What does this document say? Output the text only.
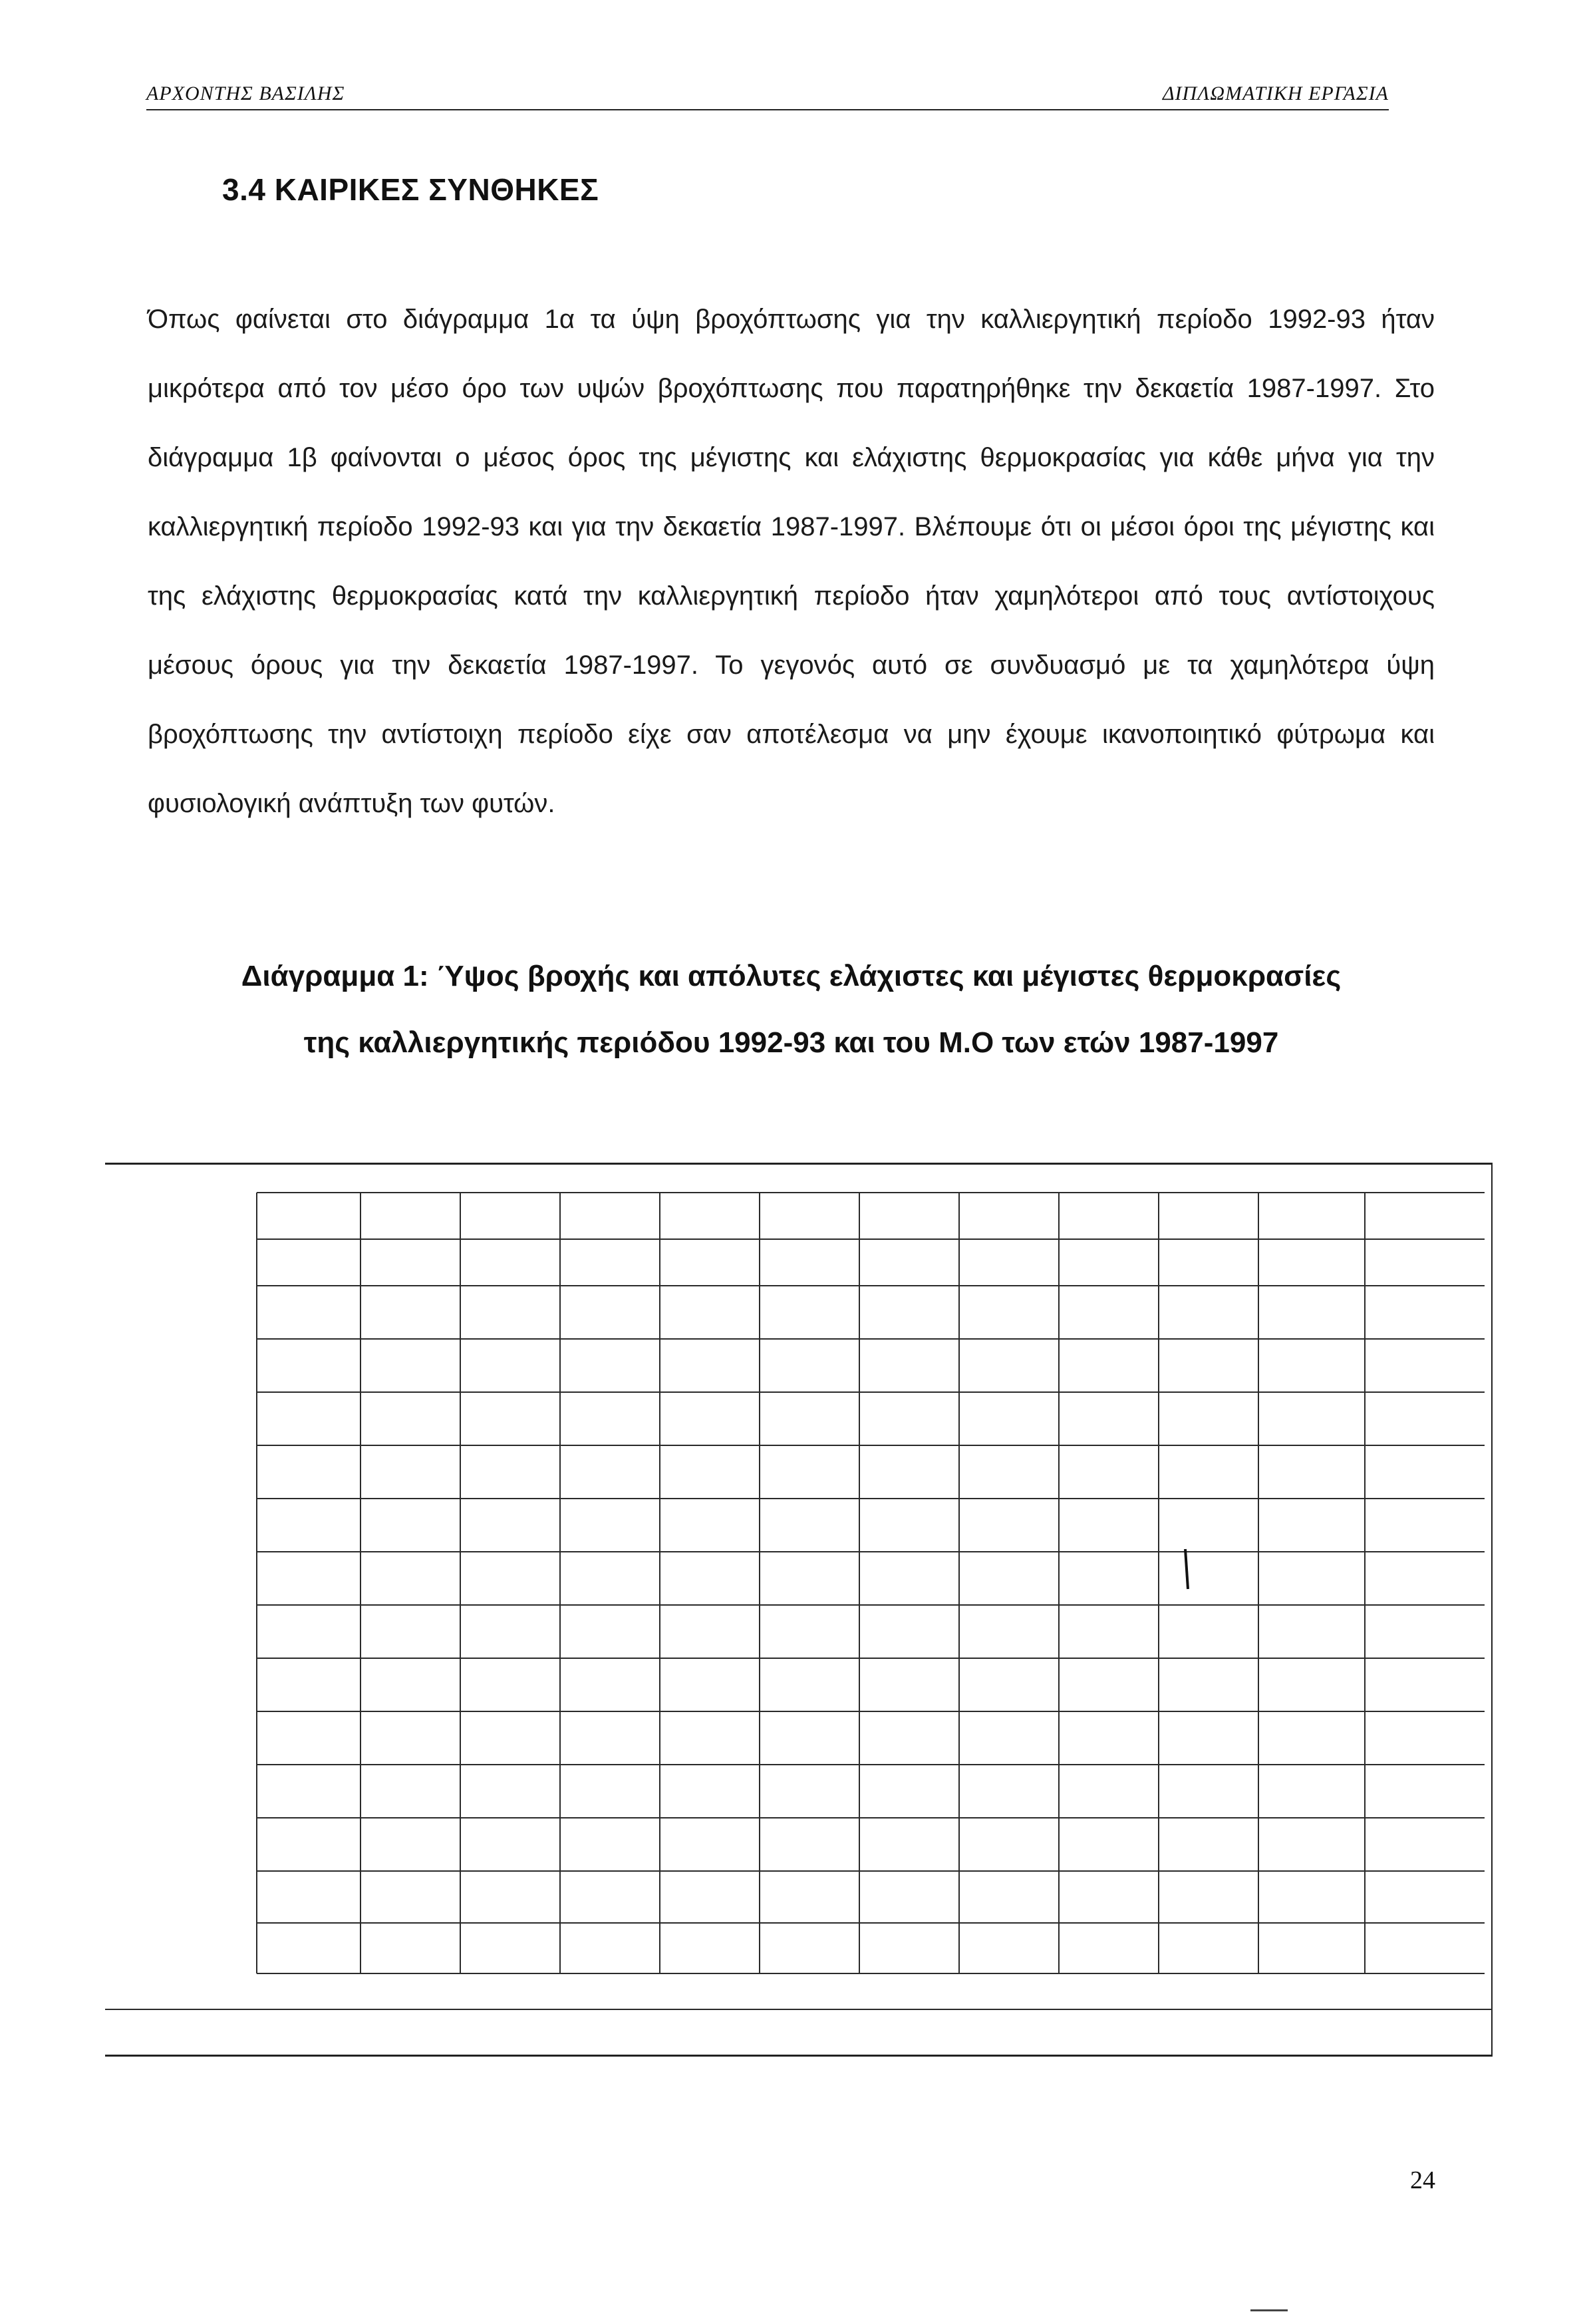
ΑΡΧΟΝΤΗΣ ΒΑΣΙΛΗΣ	ΔΙΠΛΩΜΑΤΙΚΗ ΕΡΓΑΣΙΑ
3.4 ΚΑΙΡΙΚΕΣ ΣΥΝΘΗΚΕΣ

Όπως φαίνεται στο διάγραμμα 1α τα ύψη βροχόπτωσης για την καλλιεργητική περίοδο 1992-93 ήταν μικρότερα από τον μέσο όρο των υψών βροχόπτωσης που παρατηρήθηκε την δεκαετία 1987-1997. Στο διάγραμμα 1β φαίνονται ο μέσος όρος της μέγιστης και ελάχιστης θερμοκρασίας για κάθε μήνα για την καλλιεργητική περίοδο 1992-93 και για την δεκαετία 1987-1997. Βλέπουμε ότι οι μέσοι όροι της μέγιστης και της ελάχιστης θερμοκρασίας κατά την καλλιεργητική περίοδο ήταν χαμηλότεροι από τους αντίστοιχους μέσους όρους για την δεκαετία 1987-1997. Το γεγονός αυτό σε συνδυασμό με τα χαμηλότερα ύψη βροχόπτωσης την αντίστοιχη περίοδο είχε σαν αποτέλεσμα να μην έχουμε ικανοποιητικό φύτρωμα και φυσιολογική ανάπτυξη των φυτών.

Διάγραμμα 1: Ύψος βροχής και απόλυτες ελάχιστες και μέγιστες θερμοκρασίες
της καλλιεργητικής περιόδου 1992-93 και του Μ.Ο των ετών 1987-1997
24
